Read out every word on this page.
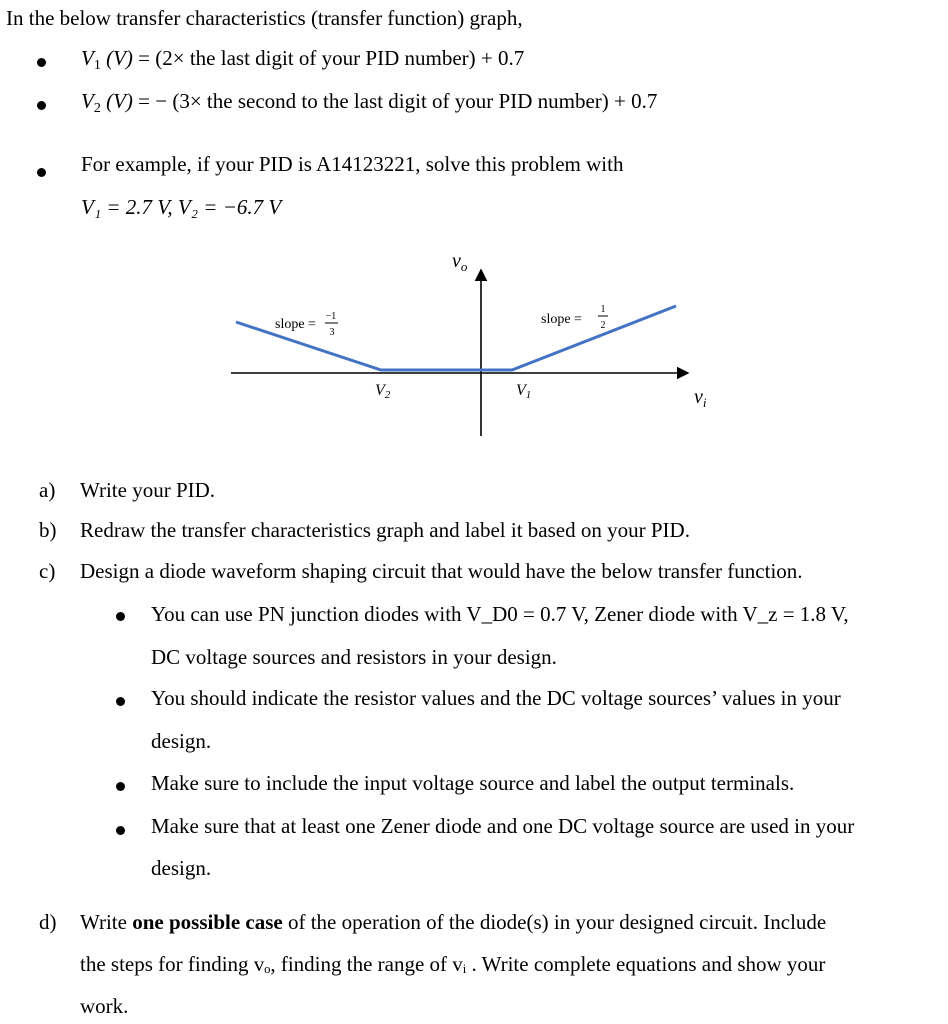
In the below transfer characteristics (transfer function) graph,
$V_1$ (V) = (2× the last digit of your PID number) + 0.7
$V_2$ (V) = − (3× the second to the last digit of your PID number) + 0.7
For example, if your PID is A14123221, solve this problem with
V₁ = 2.7 V, V₂ = −6.7 V
slope =
−1
3
slope =
1
2
$v_o$
$v_i$
V2	V1
a) Write your PID.
b) Redraw the transfer characteristics graph and label it based on your PID.
c) Design a diode waveform shaping circuit that would have the below transfer function.
You can use PN junction diodes with V_D0 = 0.7 V, Zener diode with V_z = 1.8 V,
DC voltage sources and resistors in your design.
You should indicate the resistor values and the DC voltage sources’ values in your
design.
Make sure to include the input voltage source and label the output terminals.
Make sure that at least one Zener diode and one DC voltage source are used in your
design.
d) Write one possible case of the operation of the diode(s) in your designed circuit. Include
the steps for finding vₒ, finding the range of vᵢ . Write complete equations and show your
work.
